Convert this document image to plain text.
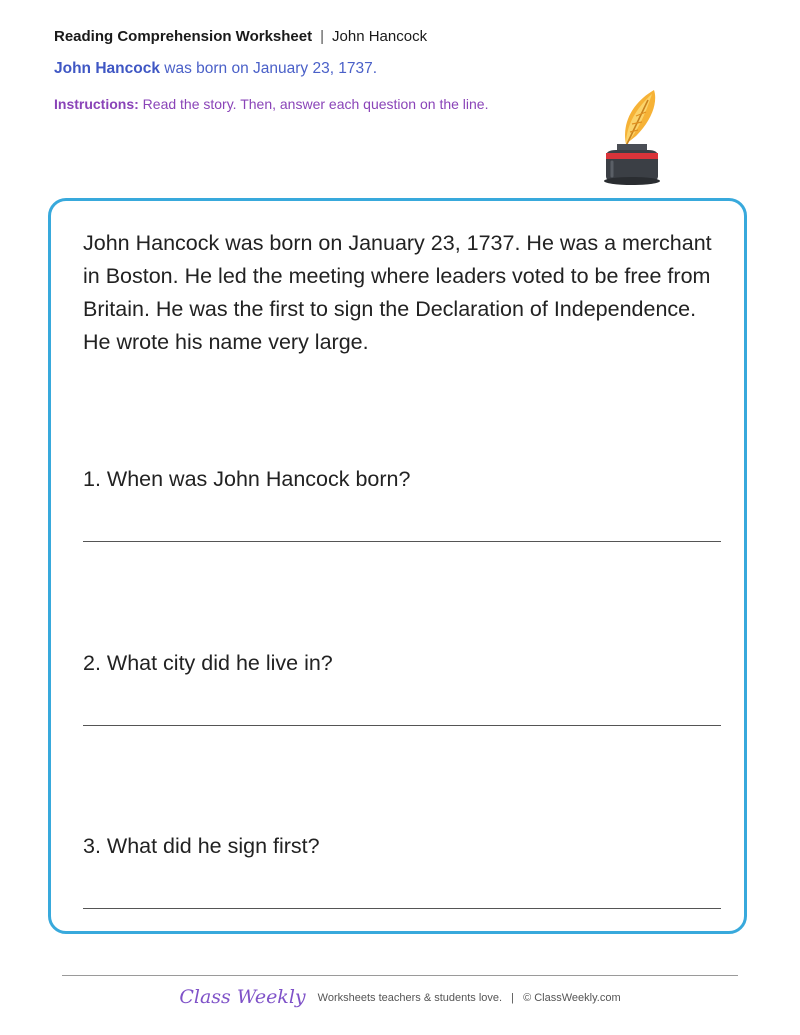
Reading Comprehension Worksheet | John Hancock
John Hancock was born on January 23, 1737.
Instructions: Read the story. Then, answer each question on the line.
John Hancock was born on January 23, 1737. He was a merchant in Boston. He led the meeting where leaders voted to be free from Britain. He was the first to sign the Declaration of Independence. He wrote his name very large.
1. When was John Hancock born?
2. What city did he live in?
3. What did he sign first?
Class Weekly Worksheets teachers & students love. | © ClassWeekly.com
